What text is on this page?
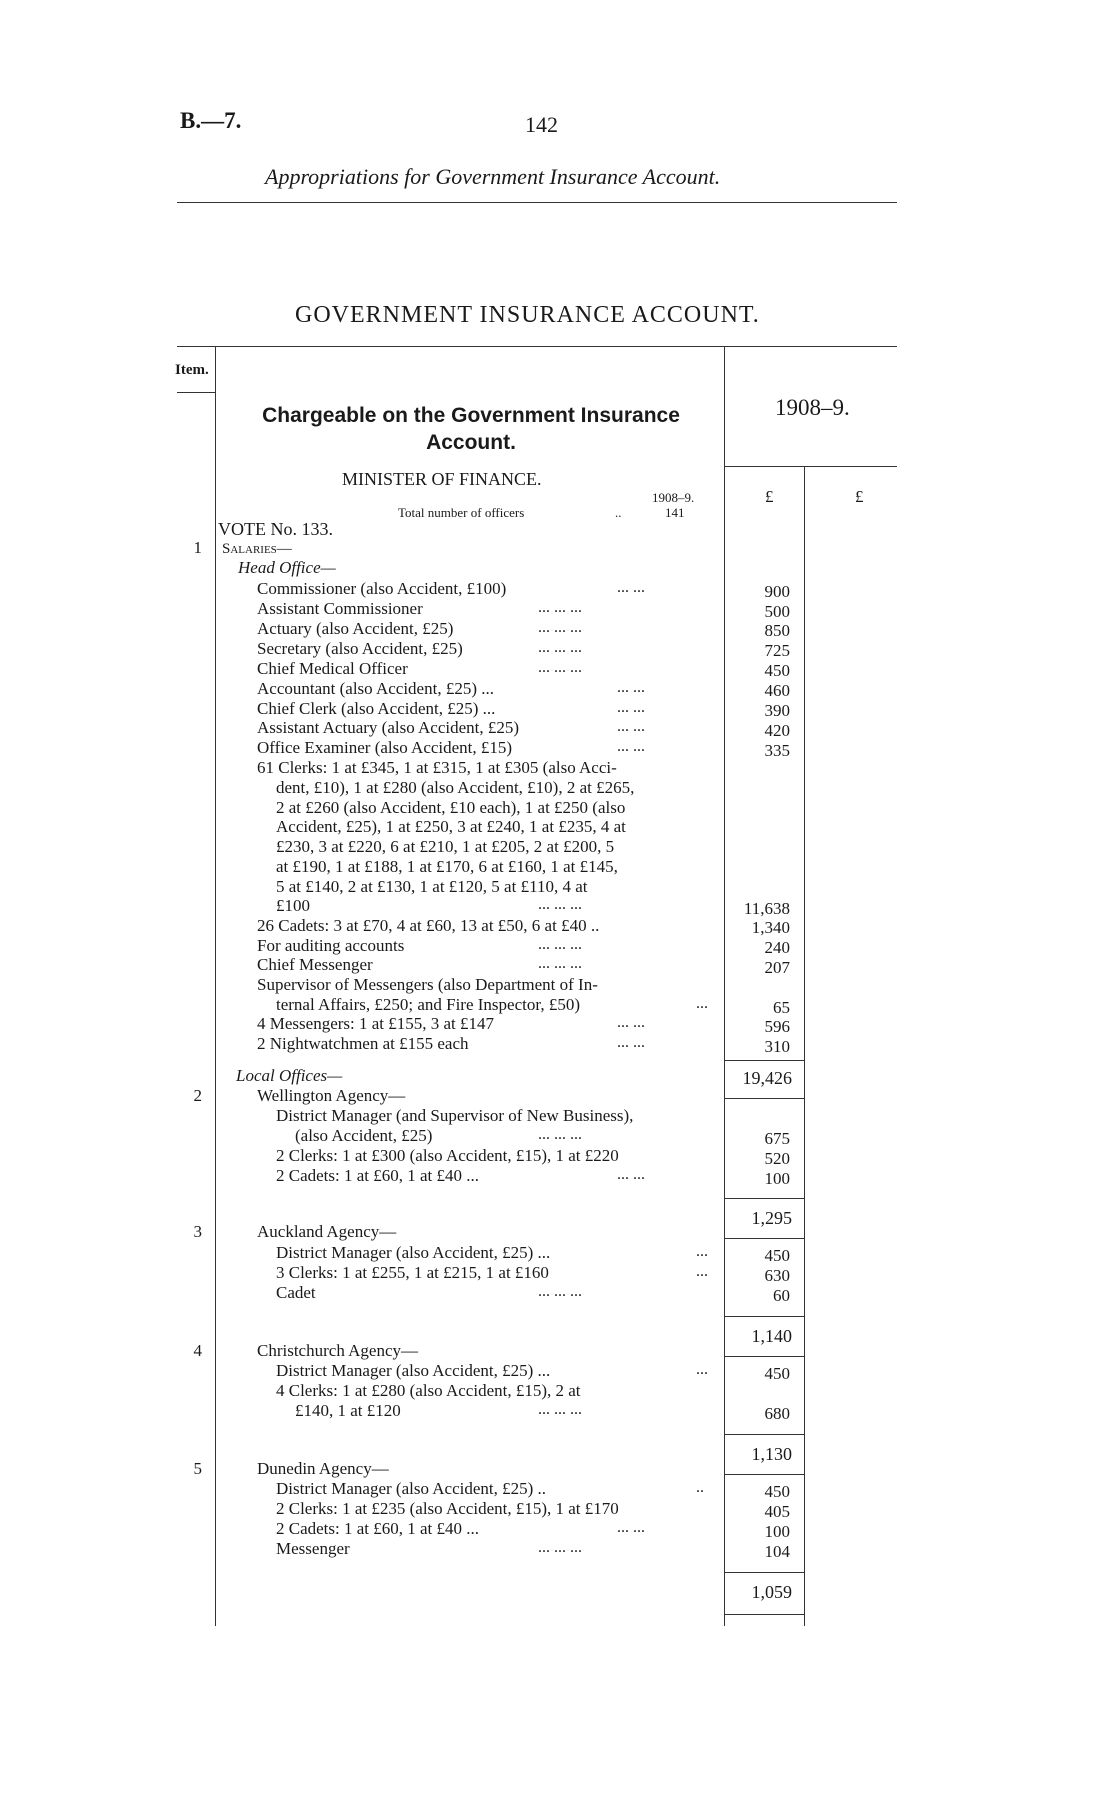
B.—7.	142
Appropriations for Government Insurance Account.
GOVERNMENT INSURANCE ACCOUNT.
Item.
Chargeable on the Government Insurance Account.
1908–9.
£	£
MINISTER OF FINANCE.
1908–9.
Total number of officers	..	141
VOTE No. 133.
1 Salaries—
Head Office—
Commissioner (also Accident, £100)	... ...	900
Assistant Commissioner	... ... ...	500
Actuary (also Accident, £25)	... ... ...	850
Secretary (also Accident, £25)	... ... ...	725
Chief Medical Officer	... ... ...	450
Accountant (also Accident, £25) ...	... ...	460
Chief Clerk (also Accident, £25) ...	... ...	390
Assistant Actuary (also Accident, £25)	... ...	420
Office Examiner (also Accident, £15)	... ...	335
61 Clerks: 1 at £345, 1 at £315, 1 at £305 (also Acci-
dent, £10), 1 at £280 (also Accident, £10), 2 at £265,
2 at £260 (also Accident, £10 each), 1 at £250 (also
Accident, £25), 1 at £250, 3 at £240, 1 at £235, 4 at
£230, 3 at £220, 6 at £210, 1 at £205, 2 at £200, 5
at £190, 1 at £188, 1 at £170, 6 at £160, 1 at £145,
5 at £140, 2 at £130, 1 at £120, 5 at £110, 4 at
£100	... ... ...	11,638
26 Cadets: 3 at £70, 4 at £60, 13 at £50, 6 at £40 ..	1,340
For auditing accounts	... ... ...	240
Chief Messenger	... ... ...	207
Supervisor of Messengers (also Department of In-
ternal Affairs, £250; and Fire Inspector, £50)	...	65
4 Messengers: 1 at £155, 3 at £147	... ...	596
2 Nightwatchmen at £155 each	... ...	310
19,426
Local Offices—
2	Wellington Agency—
District Manager (and Supervisor of New Business),
(also Accident, £25)	... ... ...	675
2 Clerks: 1 at £300 (also Accident, £15), 1 at £220	520
2 Cadets: 1 at £60, 1 at £40 ...	... ...	100
1,295
3	Auckland Agency—
District Manager (also Accident, £25) ...	...	450
3 Clerks: 1 at £255, 1 at £215, 1 at £160	...	630
Cadet	... ... ...	60
1,140
4	Christchurch Agency—
District Manager (also Accident, £25) ...	...	450
4 Clerks: 1 at £280 (also Accident, £15), 2 at
£140, 1 at £120	... ... ...	680
1,130
5	Dunedin Agency—
District Manager (also Accident, £25) ..	..	450
2 Clerks: 1 at £235 (also Accident, £15), 1 at £170	405
2 Cadets: 1 at £60, 1 at £40 ...	... ...	100
Messenger	... ... ...	104
1,059
